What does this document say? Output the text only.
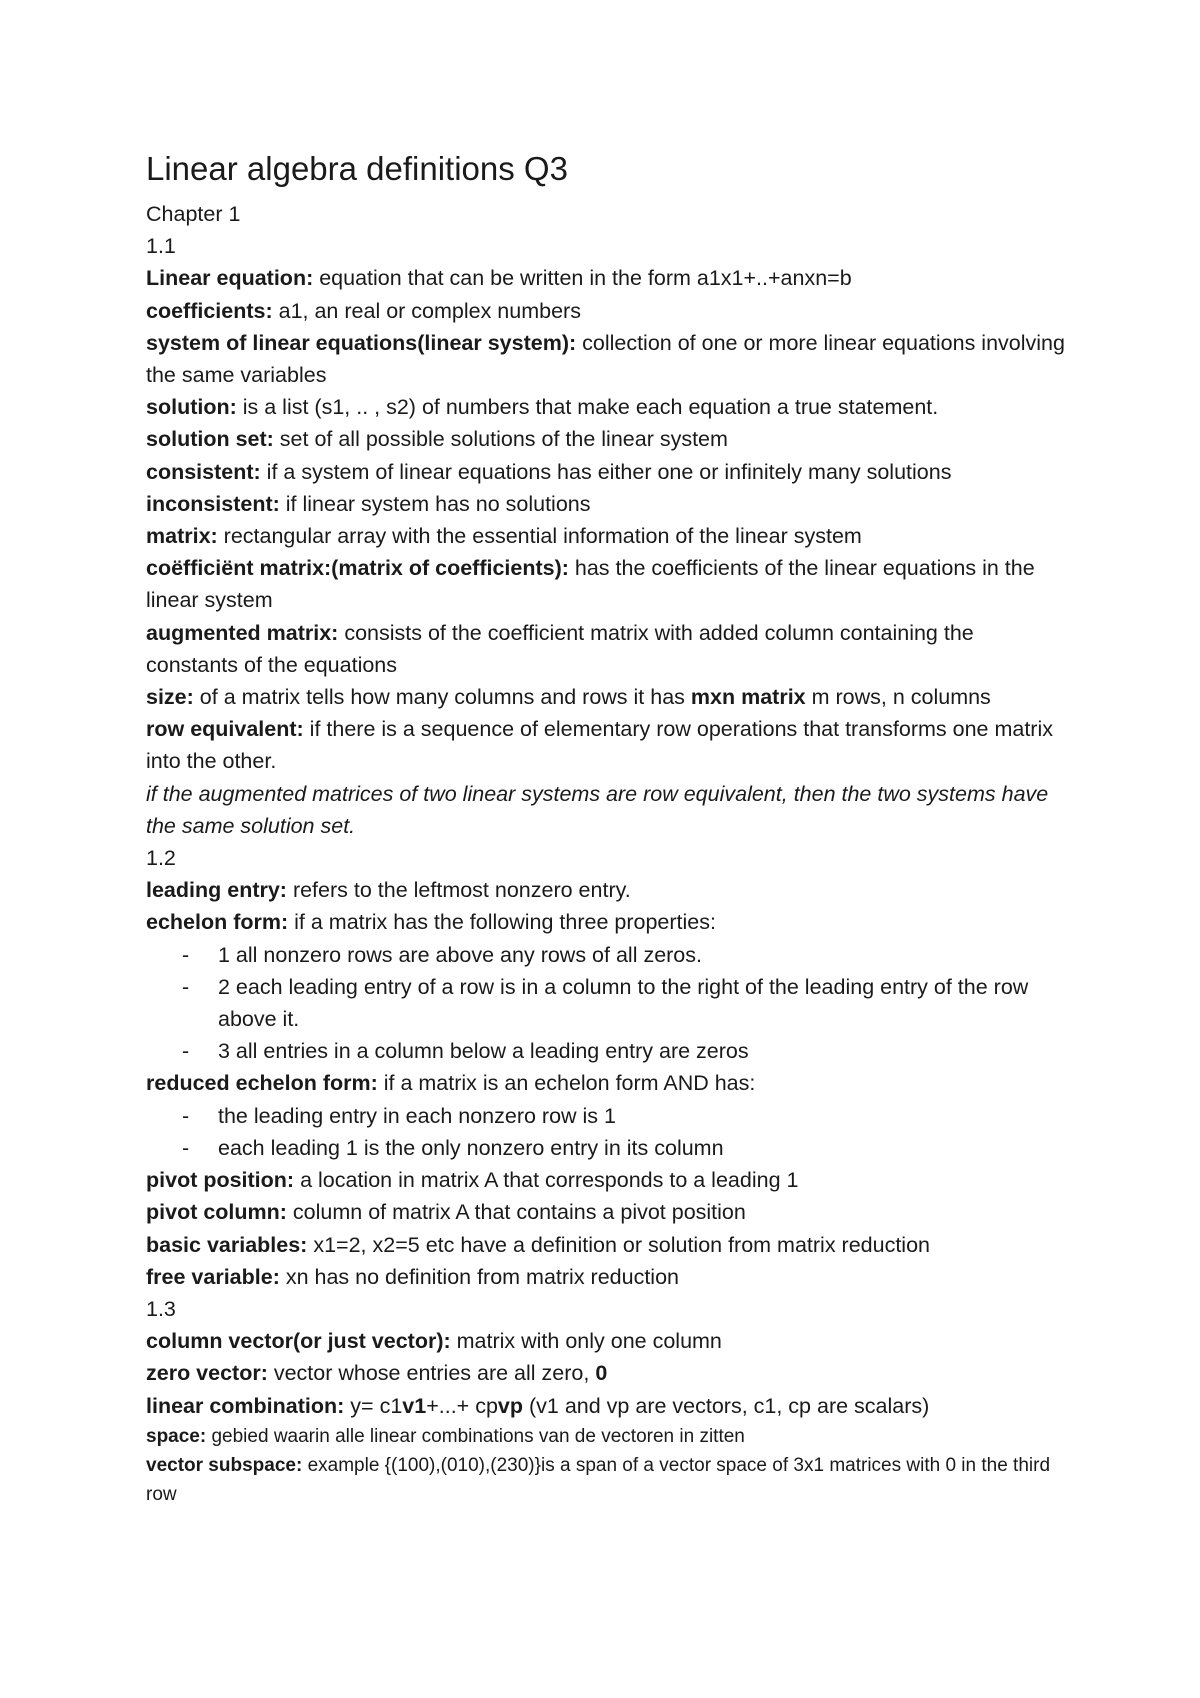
Linear algebra definitions Q3

Chapter 1

1.1

Linear equation: equation that can be written in the form a1x1+..+anxn=b

coefficients: a1, an real or complex numbers

system of linear equations(linear system): collection of one or more linear equations involving the same variables

solution: is a list (s1, .. , s2) of numbers that make each equation a true statement.

solution set: set of all possible solutions of the linear system

consistent: if a system of linear equations has either one or infinitely many solutions

inconsistent: if linear system has no solutions

matrix: rectangular array with the essential information of the linear system

coëfficiënt matrix:(matrix of coefficients): has the coefficients of the linear equations in the linear system

augmented matrix: consists of the coefficient matrix with added column containing the constants of the equations

size: of a matrix tells how many columns and rows it has mxn matrix m rows, n columns

row equivalent: if there is a sequence of elementary row operations that transforms one matrix into the other.

if the augmented matrices of two linear systems are row equivalent, then the two systems have the same solution set.

1.2

leading entry: refers to the leftmost nonzero entry.

echelon form: if a matrix has the following three properties:

- 1 all nonzero rows are above any rows of all zeros.
- 2 each leading entry of a row is in a column to the right of the leading entry of the row above it.
- 3 all entries in a column below a leading entry are zeros

reduced echelon form: if a matrix is an echelon form AND has:

- the leading entry in each nonzero row is 1
- each leading 1 is the only nonzero entry in its column

pivot position: a location in matrix A that corresponds to a leading 1

pivot column: column of matrix A that contains a pivot position

basic variables: x1=2, x2=5 etc have a definition or solution from matrix reduction

free variable: xn has no definition from matrix reduction

1.3

column vector(or just vector): matrix with only one column

zero vector: vector whose entries are all zero, 0

linear combination: y= c1v1+...+ cpvp (v1 and vp are vectors, c1, cp are scalars)

space: gebied waarin alle linear combinations van de vectoren in zitten

vector subspace: example {(100),(010),(230)}is a span of a vector space of 3x1 matrices with 0 in the third row
